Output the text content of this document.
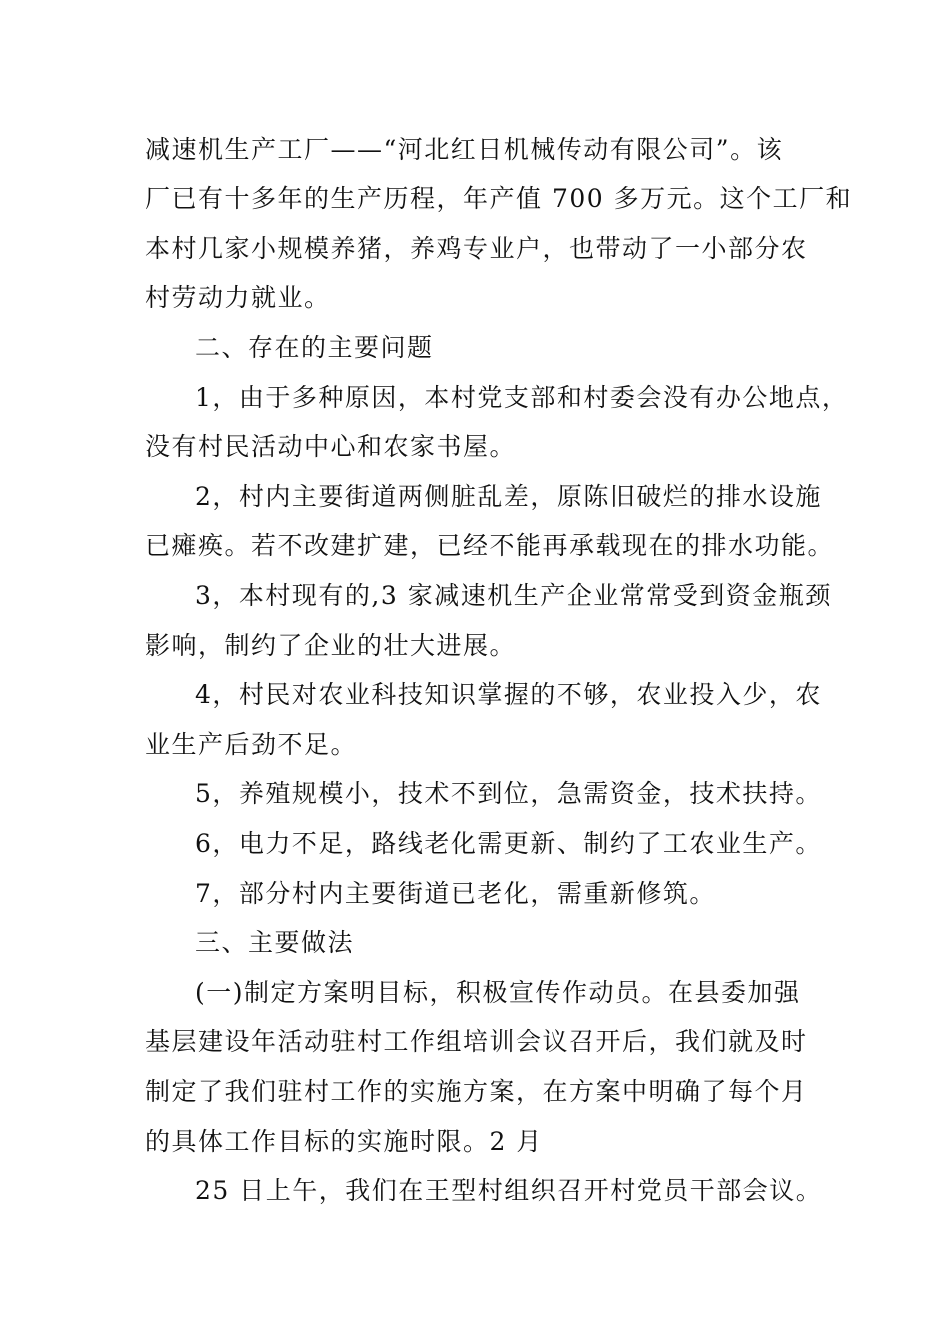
减速机生产工厂——“河北红日机械传动有限公司”。该
厂已有十多年的生产历程，年产值 700 多万元。这个工厂和
本村几家小规模养猪，养鸡专业户，也带动了一小部分农
村劳动力就业。
二、存在的主要问题
1，由于多种原因，本村党支部和村委会没有办公地点，
没有村民活动中心和农家书屋。
2，村内主要街道两侧脏乱差，原陈旧破烂的排水设施
已瘫痪。若不改建扩建，已经不能再承载现在的排水功能。
3，本村现有的,3 家减速机生产企业常常受到资金瓶颈
影响，制约了企业的壮大进展。
4，村民对农业科技知识掌握的不够，农业投入少，农
业生产后劲不足。
5，养殖规模小，技术不到位，急需资金，技术扶持。
6，电力不足，路线老化需更新、制约了工农业生产。
7，部分村内主要街道已老化，需重新修筑。
三、主要做法
(一)制定方案明目标，积极宣传作动员。在县委加强
基层建设年活动驻村工作组培训会议召开后，我们就及时
制定了我们驻村工作的实施方案，在方案中明确了每个月
的具体工作目标的实施时限。2 月
25 日上午，我们在王型村组织召开村党员干部会议。
